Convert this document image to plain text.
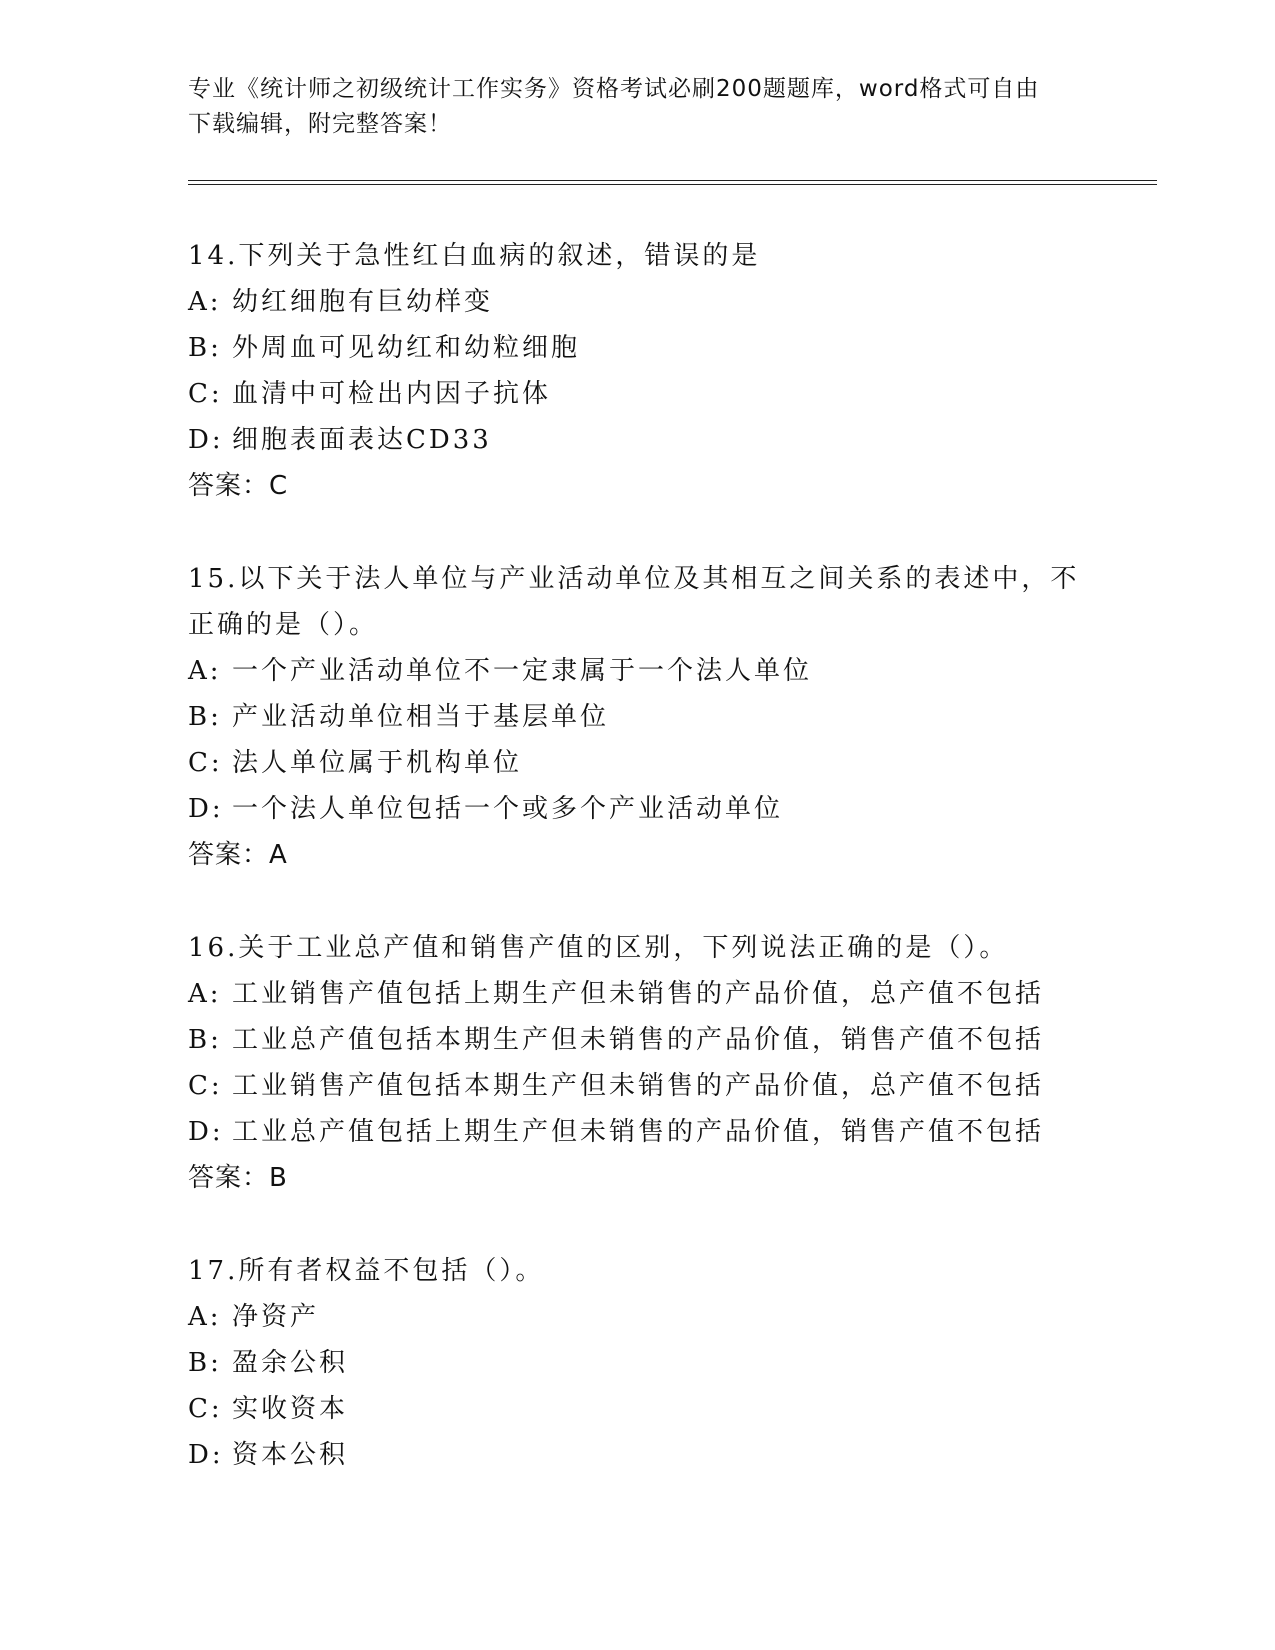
专业《统计师之初级统计工作实务》资格考试必刷200题题库，word格式可自由
下载编辑，附完整答案！
14.下列关于急性红白血病的叙述，错误的是
A: 幼红细胞有巨幼样变
B: 外周血可见幼红和幼粒细胞
C: 血清中可检出内因子抗体
D: 细胞表面表达CD33
答案：C
15.以下关于法人单位与产业活动单位及其相互之间关系的表述中，不正确的是（）。
A: 一个产业活动单位不一定隶属于一个法人单位
B: 产业活动单位相当于基层单位
C: 法人单位属于机构单位
D: 一个法人单位包括一个或多个产业活动单位
答案：A
16.关于工业总产值和销售产值的区别，下列说法正确的是（）。
A: 工业销售产值包括上期生产但未销售的产品价值，总产值不包括
B: 工业总产值包括本期生产但未销售的产品价值，销售产值不包括
C: 工业销售产值包括本期生产但未销售的产品价值，总产值不包括
D: 工业总产值包括上期生产但未销售的产品价值，销售产值不包括
答案：B
17.所有者权益不包括（）。
A: 净资产
B: 盈余公积
C: 实收资本
D: 资本公积
